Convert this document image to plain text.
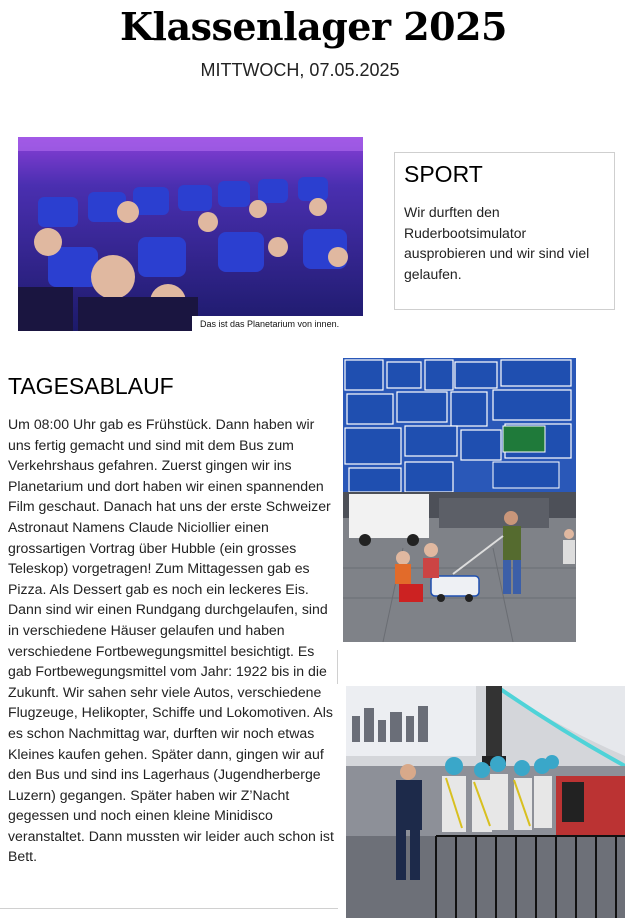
Klassenlager 2025
MITTWOCH, 07.05.2025
Das ist das Planetarium von innen.
SPORT
Wir durften den Ruderbootsimulator ausprobieren und wir sind viel gelaufen.
TAGESABLAUF
Um 08:00 Uhr gab es Frühstück. Dann haben wir uns fertig gemacht und sind mit dem Bus zum Verkehrshaus gefahren. Zuerst gingen wir ins Planetarium und dort haben wir einen spannenden Film geschaut. Danach hat uns der erste Schweizer Astronaut Namens Claude Niciollier einen grossartigen Vortrag über Hubble (ein grosses Teleskop) vorgetragen! Zum Mittagessen gab es Pizza. Als Dessert gab es noch ein leckeres Eis. Dann sind wir einen Rundgang durchgelaufen, sind in verschiedene Häuser gelaufen und haben verschiedene Fortbewegungsmittel besichtigt. Es gab Fortbewegungsmittel vom Jahr: 1922 bis in die Zukunft. Wir sahen sehr viele Autos, verschiedene Flugzeuge, Helikopter, Schiffe und Lokomotiven. Als es schon Nachmittag war, durften wir noch etwas Kleines kaufen gehen. Später dann, gingen wir auf den Bus und sind ins Lagerhaus (Jugendherberge Luzern) gegangen. Später haben wir Z’Nacht gegessen und noch einen kleine Minidisco veranstaltet. Dann mussten wir leider auch schon ist Bett.
